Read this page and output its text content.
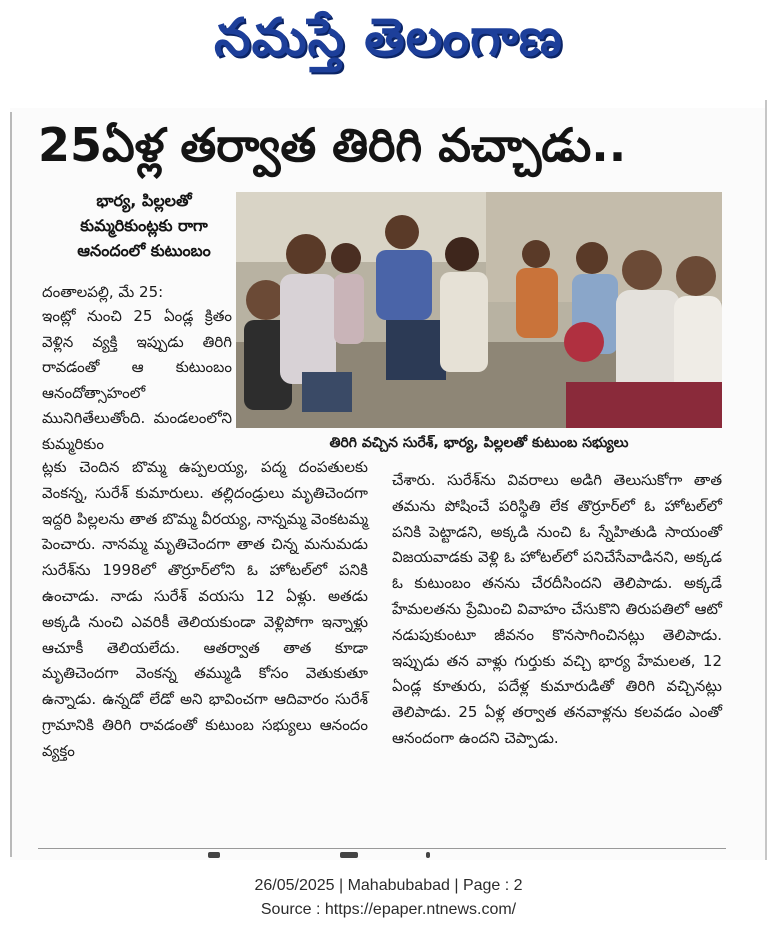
నమస్తే తెలంగాణ
25ఏళ్ల తర్వాత తిరిగి వచ్చాడు..
భార్య, పిల్లలతో కుమ్మరికుంట్లకు రాగా ఆనందంలో కుటుంబం
దంతాలపల్లి, మే 25:
ఇంట్లో నుంచి 25 ఏండ్ల క్రితం వెళ్లిన వ్యక్తి ఇప్పుడు తిరిగి రావడంతో ఆ కుటుంబం ఆనందోత్సాహంలో మునిగితేలుతోంది. మండలంలోని కుమ్మరికుం	తిరిగి వచ్చిన సురేశ్, భార్య, పిల్లలతో కుటుంబ సభ్యులు
ట్లకు చెందిన బొమ్మ ఉప్పలయ్య, పద్మ దంపతులకు వెంకన్న, సురేశ్ కుమారులు. తల్లిదండ్రులు మృతిచెందగా ఇద్దరి పిల్లలను తాత బొమ్మ వీరయ్య, నాన్నమ్మ వెంకటమ్మ పెంచారు. నానమ్మ మృతిచెందగా తాత చిన్న మనుమడు సురేశ్‌ను 1998లో తొర్రూర్‌లోని ఓ హోటల్‌లో పనికి ఉంచాడు. నాడు సురేశ్ వయసు 12 ఏళ్లు. అతడు అక్కడి నుంచి ఎవరికీ తెలియకుండా వెళ్లిపోగా ఇన్నాళ్లు ఆచూకీ తెలియలేదు. ఆతర్వాత తాత కూడా మృతిచెందగా వెంకన్న తమ్ముడి కోసం వెతుకుతూ ఉన్నాడు. ఉన్నడో లేడో అని భావించగా ఆదివారం సురేశ్ గ్రామానికి తిరిగి రావడంతో కుటుంబ సభ్యులు ఆనందం వ్యక్తం
చేశారు. సురేశ్‌ను వివరాలు అడిగి తెలుసుకోగా తాత తమను పోషించే పరిస్థితి లేక తొర్రూర్‌లో ఓ హోటల్‌లో పనికి పెట్టాడని, అక్కడి నుంచి ఓ స్నేహితుడి సాయంతో విజయవాడకు వెళ్లి ఓ హోటల్‌లో పనిచేసేవాడినని, అక్కడ ఓ కుటుంబం తనను చేరదీసిందని తెలిపాడు. అక్కడే హేమలతను ప్రేమించి వివాహం చేసుకొని తిరుపతిలో ఆటో నడుపుకుంటూ జీవనం కొనసాగించినట్లు తెలిపాడు. ఇప్పుడు తన వాళ్లు గుర్తుకు వచ్చి భార్య హేమలత, 12 ఏండ్ల కూతురు, పదేళ్ల కుమారుడితో తిరిగి వచ్చినట్లు తెలిపాడు. 25 ఏళ్ల తర్వాత తనవాళ్లను కలవడం ఎంతో ఆనందంగా ఉందని చెప్పాడు.
26/05/2025 | Mahabubabad | Page : 2
Source : https://epaper.ntnews.com/
